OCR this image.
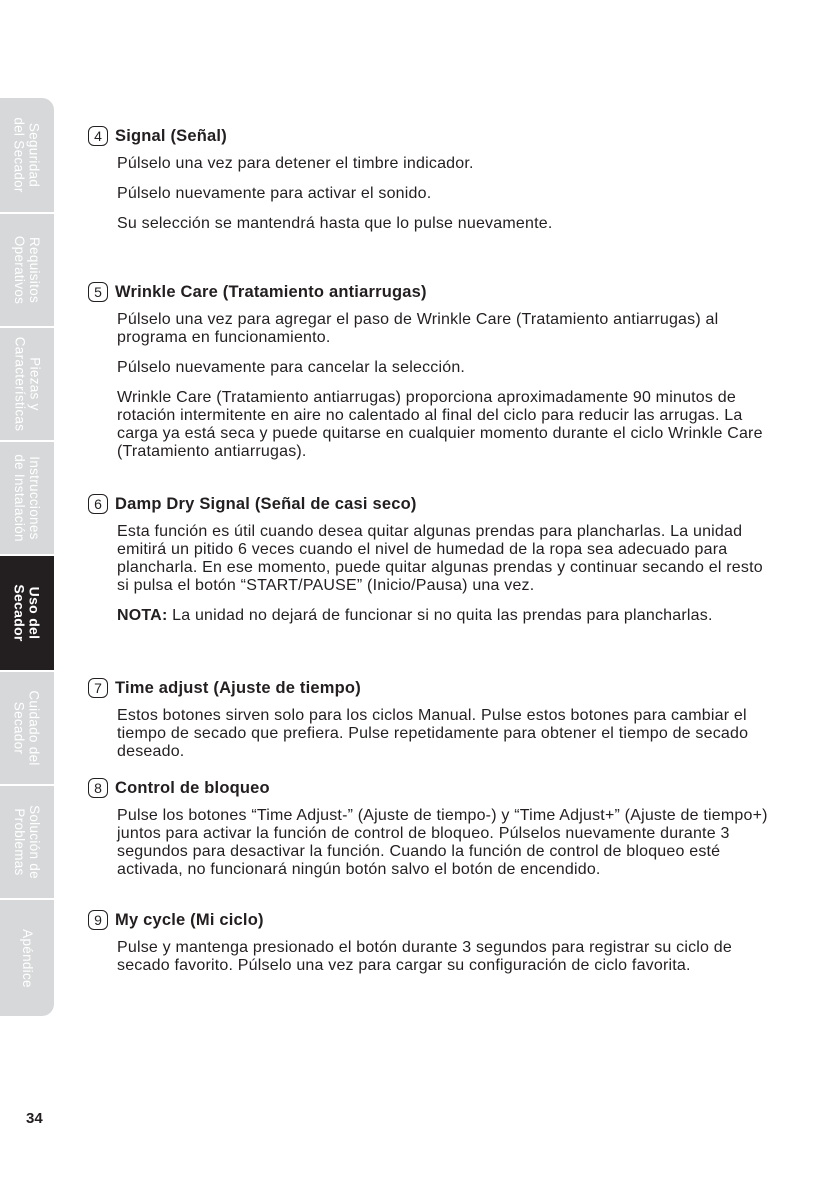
Seguridad
del Secador
Requisitos
Operativos
Piezas y
Características
Instrucciones
de Instalación
Uso del
Secador
Cuidado del
Secador
Solución de
Problemas
Apéndice
4 Signal (Señal)

Púlselo una vez para detener el timbre indicador.

Púlselo nuevamente para activar el sonido.

Su selección se mantendrá hasta que lo pulse nuevamente.

5 Wrinkle Care (Tratamiento antiarrugas)

Púlselo una vez para agregar el paso de Wrinkle Care (Tratamiento antiarrugas) al programa en funcionamiento.

Púlselo nuevamente para cancelar la selección.

Wrinkle Care (Tratamiento antiarrugas) proporciona aproximadamente 90 minutos de rotación intermitente en aire no calentado al final del ciclo para reducir las arrugas. La carga ya está seca y puede quitarse en cualquier momento durante el ciclo Wrinkle Care (Tratamiento antiarrugas).

6 Damp Dry Signal (Señal de casi seco)

Esta función es útil cuando desea quitar algunas prendas para plancharlas. La unidad emitirá un pitido 6 veces cuando el nivel de humedad de la ropa sea adecuado para plancharla. En ese momento, puede quitar algunas prendas y continuar secando el resto si pulsa el botón “START/PAUSE” (Inicio/Pausa) una vez.

NOTA: La unidad no dejará de funcionar si no quita las prendas para plancharlas.

7 Time adjust (Ajuste de tiempo)

Estos botones sirven solo para los ciclos Manual. Pulse estos botones para cambiar el tiempo de secado que prefiera. Pulse repetidamente para obtener el tiempo de secado deseado.

8 Control de bloqueo

Pulse los botones “Time Adjust-” (Ajuste de tiempo-) y “Time Adjust+” (Ajuste de tiempo+) juntos para activar la función de control de bloqueo. Púlselos nuevamente durante 3 segundos para desactivar la función. Cuando la función de control de bloqueo esté activada, no funcionará ningún botón salvo el botón de encendido.

9 My cycle (Mi ciclo)

Pulse y mantenga presionado el botón durante 3 segundos para registrar su ciclo de secado favorito. Púlselo una vez para cargar su configuración de ciclo favorita.

34
